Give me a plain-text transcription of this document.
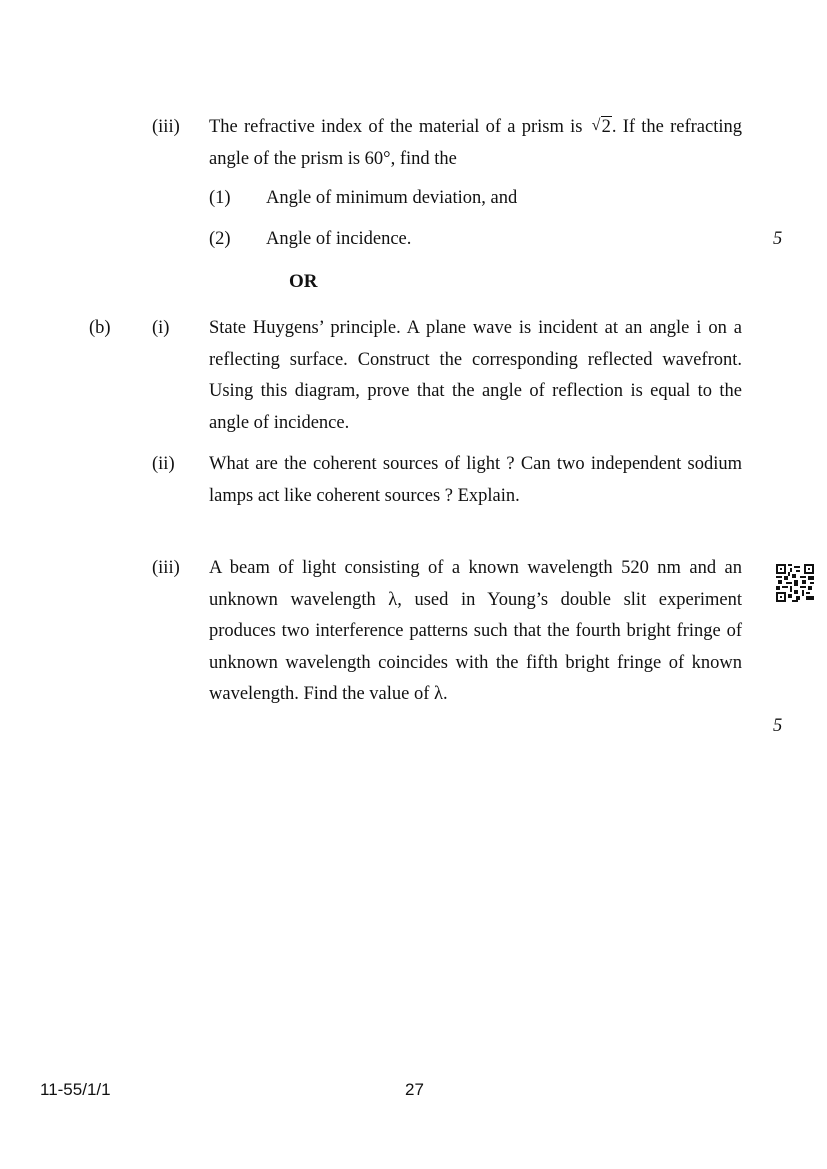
(iii) The refractive index of the material of a prism is √ 2. If the refracting angle of the prism is 60°, find the
(1) Angle of minimum deviation, and
(2) Angle of incidence.	5
OR
(b) (i) State Huygens’ principle. A plane wave is incident at an angle i on a reflecting surface. Construct the corresponding reflected wavefront. Using this diagram, prove that the angle of reflection is equal to the angle of incidence.
(ii) What are the coherent sources of light ? Can two independent sodium lamps act like coherent sources ? Explain.
(iii) A beam of light consisting of a known wavelength 520 nm and an unknown wavelength λ, used in Young’s double slit experiment produces two interference patterns such that the fourth bright fringe of unknown wavelength coincides with the fifth bright fringe of known wavelength. Find the value of λ.
5
11-55/1/1	27
